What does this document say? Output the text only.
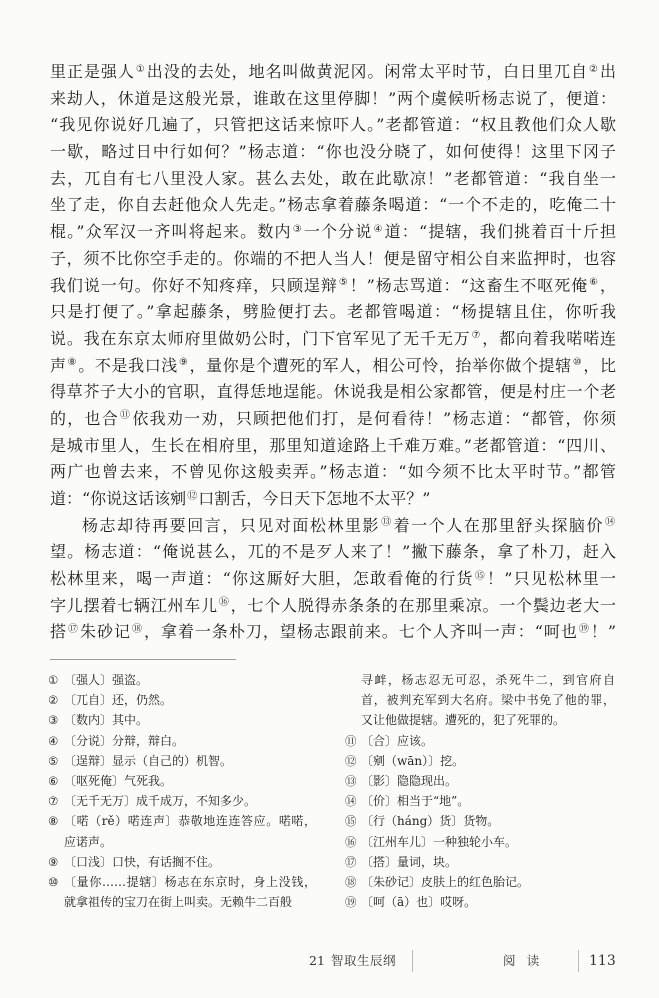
里正是强人①出没的去处，地名叫做黄泥冈。闲常太平时节，白日里兀自②出
来劫人，休道是这般光景，谁敢在这里停脚！”两个虞候听杨志说了，便道：
“我见你说好几遍了，只管把这话来惊吓人。”老都管道：“权且教他们众人歇
一歇，略过日中行如何？”杨志道：“你也没分晓了，如何使得！这里下冈子
去，兀自有七八里没人家。甚么去处，敢在此歇凉！”老都管道：“我自坐一
坐了走，你自去赶他众人先走。”杨志拿着藤条喝道：“一个不走的，吃俺二十
棍。”众军汉一齐叫将起来。数内③一个分说④道：“提辖，我们挑着百十斤担
子，须不比你空手走的。你端的不把人当人！便是留守相公自来监押时，也容
我们说一句。你好不知疼痒，只顾逞辩⑤！”杨志骂道：“这畜生不呕死俺⑥，
只是打便了。”拿起藤条，劈脸便打去。老都管喝道：“杨提辖且住，你听我
说。我在东京太师府里做奶公时，门下官军见了无千无万⑦，都向着我喏喏连
声⑧。不是我口浅⑨，量你是个遭死的军人，相公可怜，抬举你做个提辖⑩，比
得草芥子大小的官职，直得恁地逞能。休说我是相公家都管，便是村庄一个老
的，也合⑪依我劝一劝，只顾把他们打，是何看待！”杨志道：“都管，你须
是城市里人，生长在相府里，那里知道途路上千难万难。”老都管道：“四川、
两广也曾去来，不曾见你这般卖弄。”杨志道：“如今须不比太平时节。”都管
道：“你说这话该剜⑫口割舌，今日天下怎地不太平？”
杨志却待再要回言，只见对面松林里影⑬着一个人在那里舒头探脑价⑭
望。杨志道：“俺说甚么，兀的不是歹人来了！”撇下藤条，拿了朴刀，赶入
松林里来，喝一声道：“你这厮好大胆，怎敢看俺的行货⑮！”只见松林里一
字儿摆着七辆江州车儿⑯，七个人脱得赤条条的在那里乘凉。一个鬓边老大一
搭⑰朱砂记⑱，拿着一条朴刀，望杨志跟前来。七个人齐叫一声：“呵也⑲！”
① 〔强人〕强盗。
② 〔兀自〕还，仍然。
③ 〔数内〕其中。
④ 〔分说〕分辩，辩白。
⑤ 〔逞辩〕显示（自己的）机智。
⑥ 〔呕死俺〕气死我。
⑦ 〔无千无万〕成千成万，不知多少。
⑧ 〔喏（rě）喏连声〕恭敬地连连答应。喏喏，
应诺声。
⑨ 〔口浅〕口快，有话搁不住。
⑩ 〔量你……提辖〕杨志在东京时，身上没钱，
就拿祖传的宝刀在街上叫卖。无赖牛二百般
寻衅，杨志忍无可忍，杀死牛二，到官府自
首，被判充军到大名府。梁中书免了他的罪，
又让他做提辖。遭死的，犯了死罪的。
⑪ 〔合〕应该。
⑫ 〔剜（wān）〕挖。
⑬ 〔影〕隐隐现出。
⑭ 〔价〕相当于“地”。
⑮ 〔行（háng）货〕货物。
⑯ 〔江州车儿〕一种独轮小车。
⑰ 〔搭〕量词，块。
⑱ 〔朱砂记〕皮肤上的红色胎记。
⑲ 〔呵（ā）也〕哎呀。
21 智取生辰纲	阅读	113
